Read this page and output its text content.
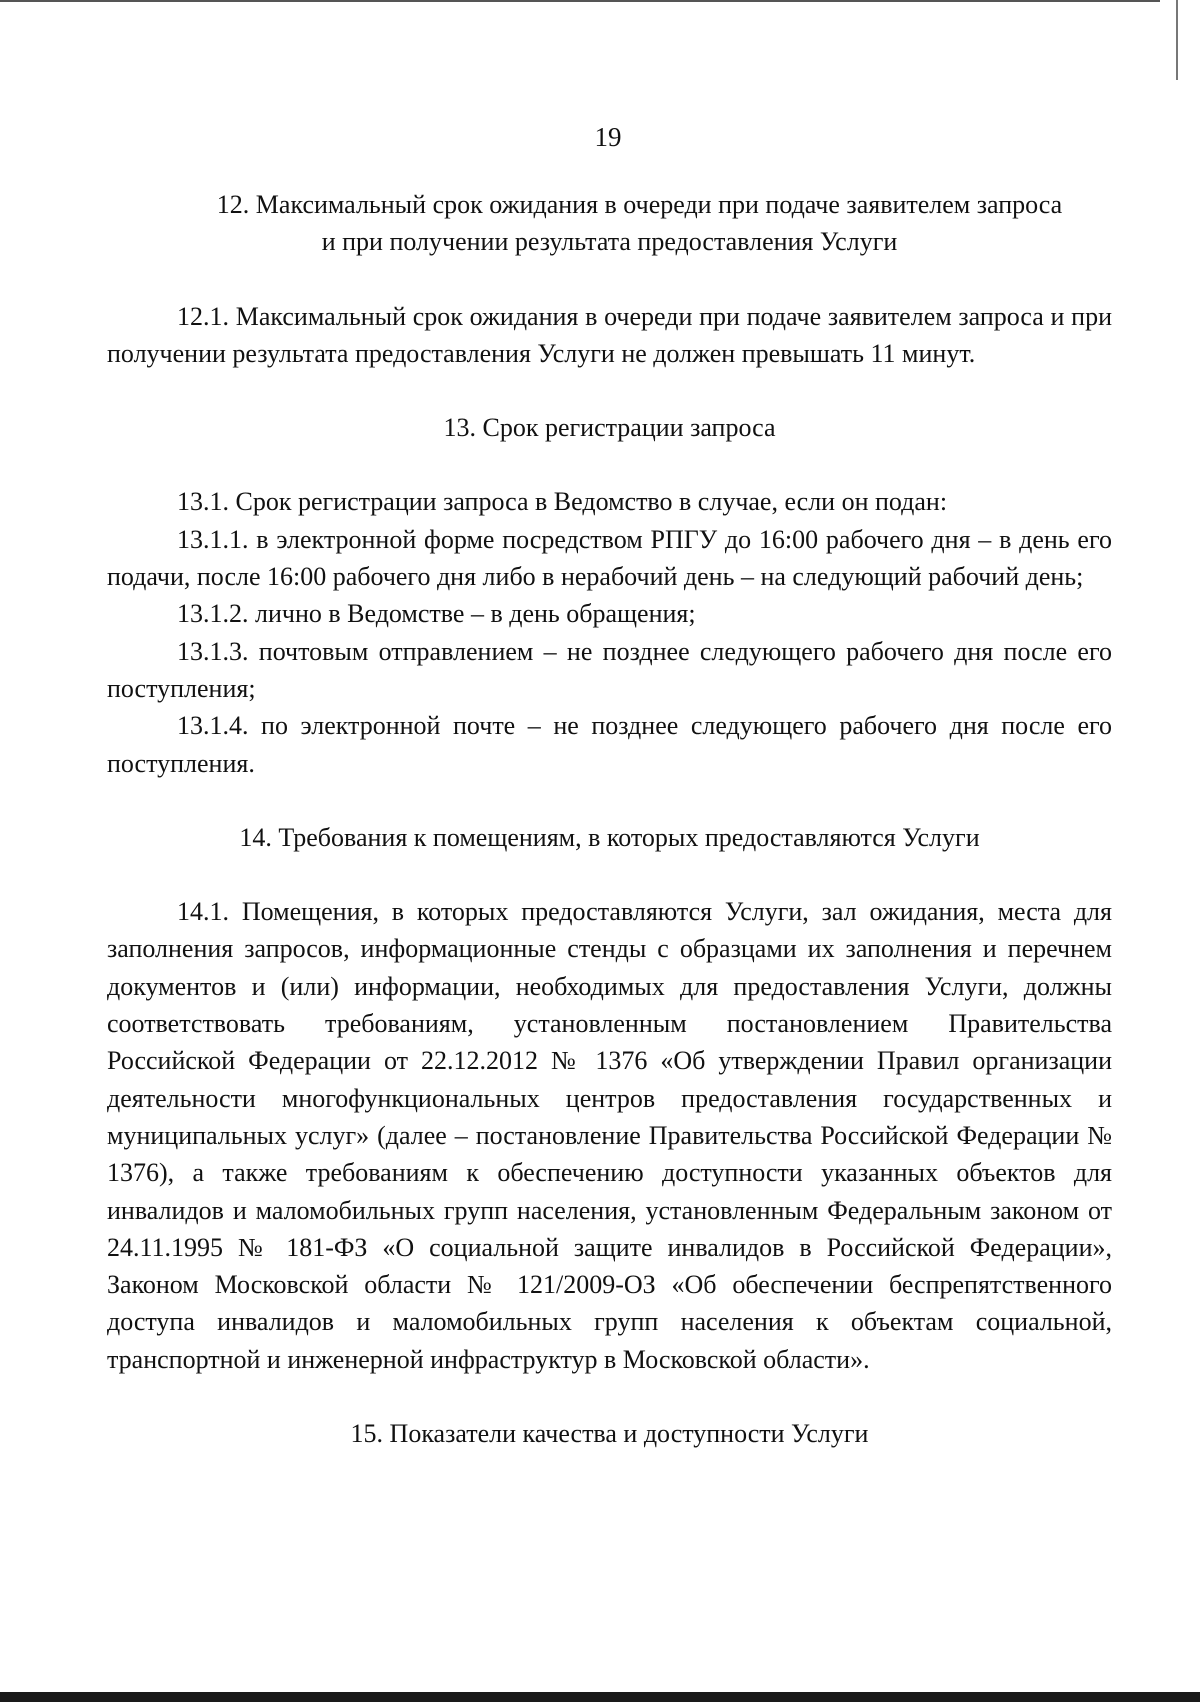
19

12. Максимальный срок ожидания в очереди при подаче заявителем запроса

и при получении результата предоставления Услуги

12.1. Максимальный срок ожидания в очереди при подаче заявителем запроса и при получении результата предоставления Услуги не должен превышать 11 минут.

13. Срок регистрации запроса

13.1. Срок регистрации запроса в Ведомство в случае, если он подан:

13.1.1. в электронной форме посредством РПГУ до 16:00 рабочего дня – в день его подачи, после 16:00 рабочего дня либо в нерабочий день – на следующий рабочий день;

13.1.2. лично в Ведомстве – в день обращения;

13.1.3. почтовым отправлением – не позднее следующего рабочего дня после его поступления;

13.1.4. по электронной почте – не позднее следующего рабочего дня после его поступления.

14. Требования к помещениям, в которых предоставляются Услуги

14.1. Помещения, в которых предоставляются Услуги, зал ожидания, места для заполнения запросов, информационные стенды с образцами их заполнения и перечнем документов и (или) информации, необходимых для предоставления Услуги, должны соответствовать требованиям, установленным постановлением Правительства Российской Федерации от 22.12.2012 № 1376 «Об утверждении Правил организации деятельности многофункциональных центров предоставления государственных и муниципальных услуг» (далее – постановление Правительства Российской Федерации № 1376), а также требованиям к обеспечению доступности указанных объектов для инвалидов и маломобильных групп населения, установленным Федеральным законом от 24.11.1995 № 181-ФЗ «О социальной защите инвалидов в Российской Федерации», Законом Московской области № 121/2009-ОЗ «Об обеспечении беспрепятственного доступа инвалидов и маломобильных групп населения к объектам социальной, транспортной и инженерной инфраструктур в Московской области».

15. Показатели качества и доступности Услуги
